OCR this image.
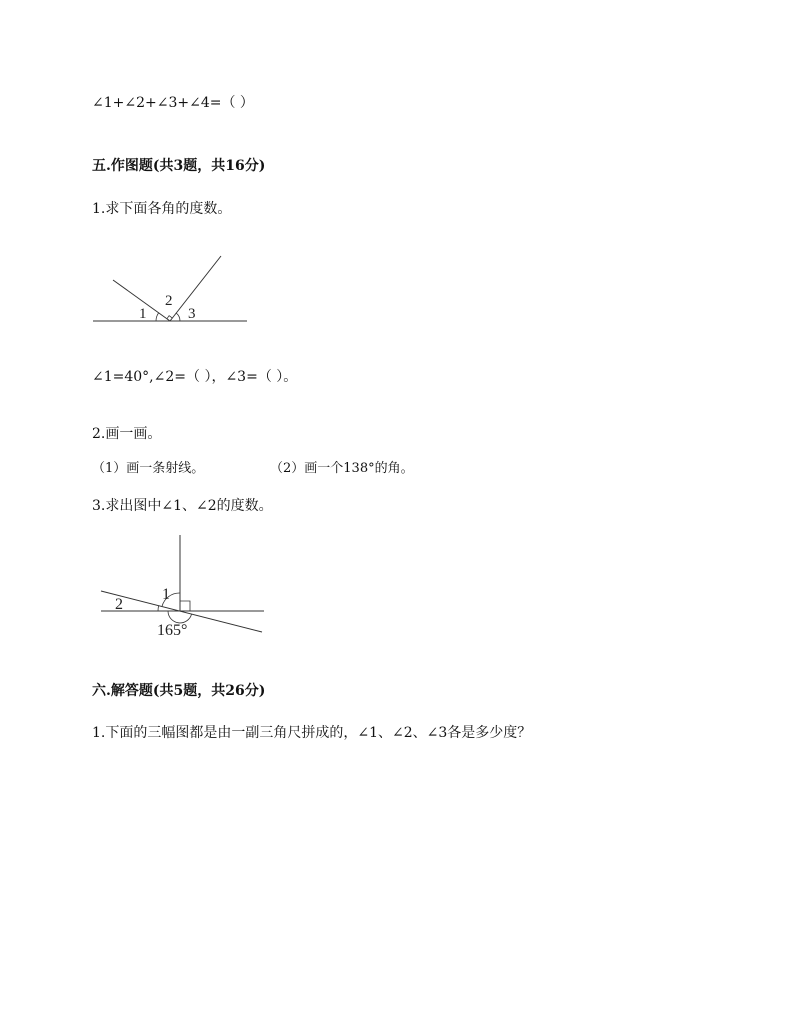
∠1+∠2+∠3+∠4=（ ）
五.作图题(共3题，共16分)
1.求下面各角的度数。
1
2
3
∠1=40°,∠2=（ ），∠3=（ ）。
2.画一画。
（1）画一条射线。	（2）画一个138°的角。
3.求出图中∠1、∠2的度数。
1
2
165°
六.解答题(共5题，共26分)
1.下面的三幅图都是由一副三角尺拼成的，∠1、∠2、∠3各是多少度？
